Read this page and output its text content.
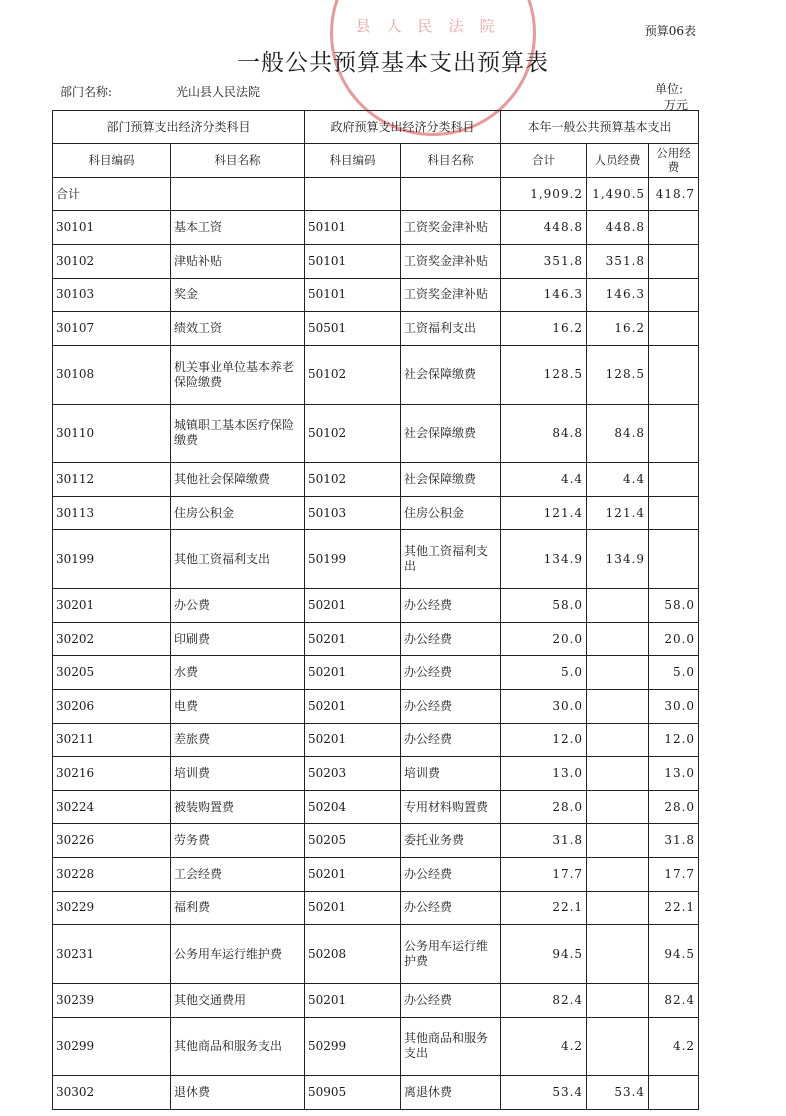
县人民法院	预算06表
一般公共预算基本支出预算表
部门名称:	光山县人民法院	单位:
万元
部门预算支出经济分类科目		政府预算支出经济分类科目		本年一般公共预算基本支出		
科目编码	科目名称	科目编码	科目名称	合计	人员经费	公用经费
合计				1,909.2	1,490.5	418.7
30101	基本工资	50101	工资奖金津补贴	448.8	448.8	
30102	津贴补贴	50101	工资奖金津补贴	351.8	351.8	
30103	奖金	50101	工资奖金津补贴	146.3	146.3	
30107	绩效工资	50501	工资福利支出	16.2	16.2	
30108	机关事业单位基本养老保险缴费	50102	社会保障缴费	128.5	128.5	
30110	城镇职工基本医疗保险缴费	50102	社会保障缴费	84.8	84.8	
30112	其他社会保障缴费	50102	社会保障缴费	4.4	4.4	
30113	住房公积金	50103	住房公积金	121.4	121.4	
30199	其他工资福利支出	50199	其他工资福利支出	134.9	134.9	
30201	办公费	50201	办公经费	58.0		58.0
30202	印刷费	50201	办公经费	20.0		20.0
30205	水费	50201	办公经费	5.0		5.0
30206	电费	50201	办公经费	30.0		30.0
30211	差旅费	50201	办公经费	12.0		12.0
30216	培训费	50203	培训费	13.0		13.0
30224	被装购置费	50204	专用材料购置费	28.0		28.0
30226	劳务费	50205	委托业务费	31.8		31.8
30228	工会经费	50201	办公经费	17.7		17.7
30229	福利费	50201	办公经费	22.1		22.1
30231	公务用车运行维护费	50208	公务用车运行维护费	94.5		94.5
30239	其他交通费用	50201	办公经费	82.4		82.4
30299	其他商品和服务支出	50299	其他商品和服务支出	4.2		4.2
30302	退休费	50905	离退休费	53.4	53.4	
